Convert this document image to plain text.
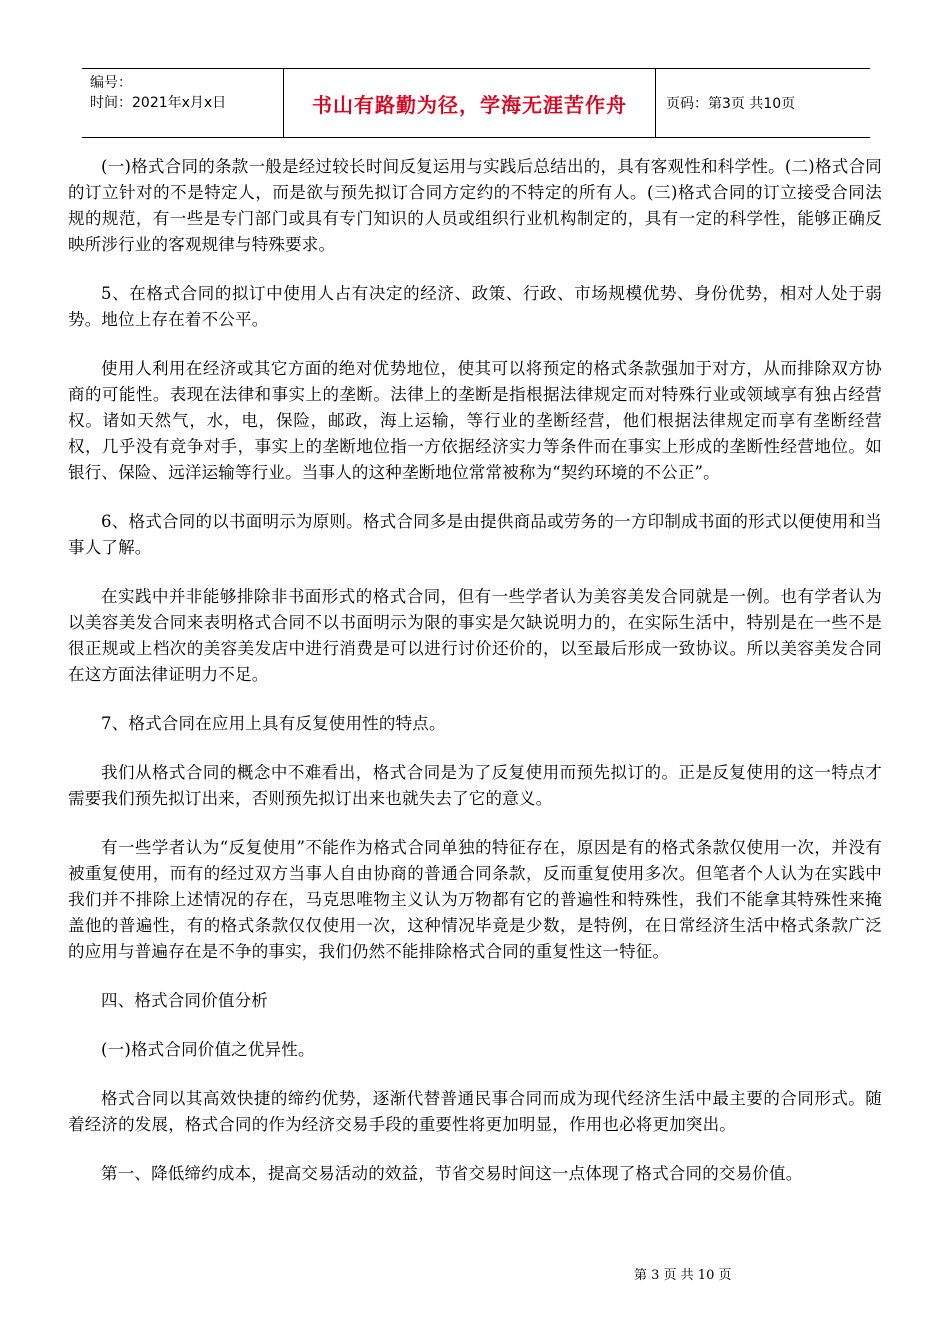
编号：
时间：2021年x月x日	书山有路勤为径，学海无涯苦作舟	页码：第3页 共10页

(一)格式合同的条款一般是经过较长时间反复运用与实践后总结出的，具有客观性和科学性。(二)格式合同的订立针对的不是特定人，而是欲与预先拟订合同方定约的不特定的所有人。(三)格式合同的订立接受合同法规的规范，有一些是专门部门或具有专门知识的人员或组织行业机构制定的，具有一定的科学性，能够正确反映所涉行业的客观规律与特殊要求。

5、在格式合同的拟订中使用人占有决定的经济、政策、行政、市场规模优势、身份优势，相对人处于弱势。地位上存在着不公平。

使用人利用在经济或其它方面的绝对优势地位，使其可以将预定的格式条款强加于对方，从而排除双方协商的可能性。表现在法律和事实上的垄断。法律上的垄断是指根据法律规定而对特殊行业或领域享有独占经营权。诸如天然气，水，电，保险，邮政，海上运输，等行业的垄断经营，他们根据法律规定而享有垄断经营权，几乎没有竞争对手，事实上的垄断地位指一方依据经济实力等条件而在事实上形成的垄断性经营地位。如银行、保险、远洋运输等行业。当事人的这种垄断地位常常被称为“契约环境的不公正”。

6、格式合同的以书面明示为原则。格式合同多是由提供商品或劳务的一方印制成书面的形式以便使用和当事人了解。

在实践中并非能够排除非书面形式的格式合同，但有一些学者认为美容美发合同就是一例。也有学者认为以美容美发合同来表明格式合同不以书面明示为限的事实是欠缺说明力的，在实际生活中，特别是在一些不是很正规或上档次的美容美发店中进行消费是可以进行讨价还价的，以至最后形成一致协议。所以美容美发合同在这方面法律证明力不足。

7、格式合同在应用上具有反复使用性的特点。

我们从格式合同的概念中不难看出，格式合同是为了反复使用而预先拟订的。正是反复使用的这一特点才需要我们预先拟订出来，否则预先拟订出来也就失去了它的意义。

有一些学者认为“反复使用”不能作为格式合同单独的特征存在，原因是有的格式条款仅使用一次，并没有被重复使用，而有的经过双方当事人自由协商的普通合同条款，反而重复使用多次。但笔者个人认为在实践中我们并不排除上述情况的存在，马克思唯物主义认为万物都有它的普遍性和特殊性，我们不能拿其特殊性来掩盖他的普遍性，有的格式条款仅仅使用一次，这种情况毕竟是少数，是特例，在日常经济生活中格式条款广泛的应用与普遍存在是不争的事实，我们仍然不能排除格式合同的重复性这一特征。

四、格式合同价值分析

(一)格式合同价值之优异性。

格式合同以其高效快捷的缔约优势，逐渐代替普通民事合同而成为现代经济生活中最主要的合同形式。随着经济的发展，格式合同的作为经济交易手段的重要性将更加明显，作用也必将更加突出。

第一、降低缔约成本，提高交易活动的效益，节省交易时间这一点体现了格式合同的交易价值。

第 3 页 共 10 页
